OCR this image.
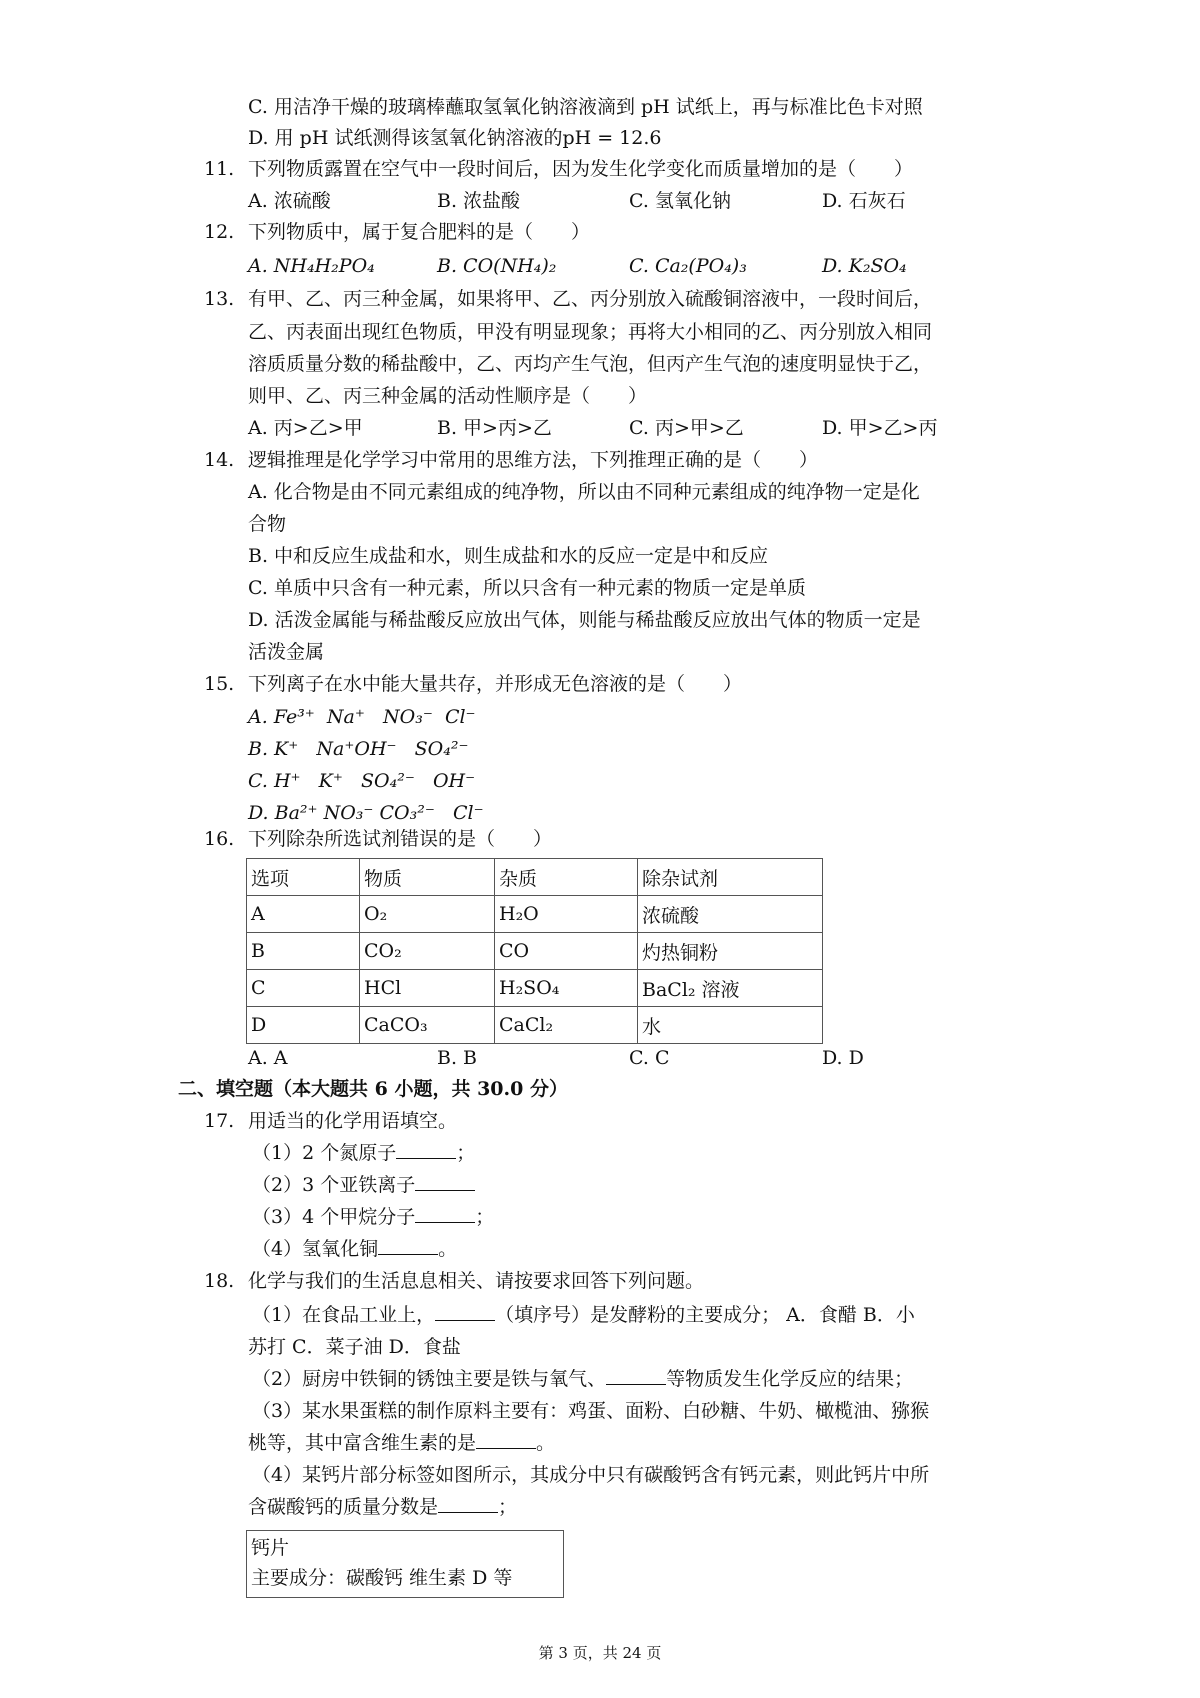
C. 用洁净干燥的玻璃棒蘸取氢氧化钠溶液滴到 pH 试纸上，再与标准比色卡对照
D. 用 pH 试纸测得该氢氧化钠溶液的pH = 12.6
11. 下列物质露置在空气中一段时间后，因为发生化学变化而质量增加的是（　　）
A. 浓硫酸	B. 浓盐酸	C. 氢氧化钠	D. 石灰石
12. 下列物质中，属于复合肥料的是（　　）
A. NH₄H₂PO₄	B. CO(NH₄)₂	C. Ca₂(PO₄)₃	D. K₂SO₄
13. 有甲、乙、丙三种金属，如果将甲、乙、丙分别放入硫酸铜溶液中，一段时间后，
乙、丙表面出现红色物质，甲没有明显现象；再将大小相同的乙、丙分别放入相同
溶质质量分数的稀盐酸中，乙、丙均产生气泡，但丙产生气泡的速度明显快于乙，
则甲、乙、丙三种金属的活动性顺序是（　　）
A. 丙>乙>甲	B. 甲>丙>乙	C. 丙>甲>乙	D. 甲>乙>丙
14. 逻辑推理是化学学习中常用的思维方法，下列推理正确的是（　　）
A. 化合物是由不同元素组成的纯净物，所以由不同种元素组成的纯净物一定是化
合物
B. 中和反应生成盐和水，则生成盐和水的反应一定是中和反应
C. 单质中只含有一种元素，所以只含有一种元素的物质一定是单质
D. 活泼金属能与稀盐酸反应放出气体，则能与稀盐酸反应放出气体的物质一定是
活泼金属
15. 下列离子在水中能大量共存，并形成无色溶液的是（　　）
A. Fe³⁺  Na⁺   NO₃⁻  Cl⁻
B. K⁺   Na⁺OH⁻   SO₄²⁻
C. H⁺   K⁺   SO₄²⁻   OH⁻
D. Ba²⁺ NO₃⁻ CO₃²⁻   Cl⁻
16. 下列除杂所选试剂错误的是（　　）
选项	物质	杂质	除杂试剂
A	O₂	H₂O	浓硫酸
B	CO₂	CO	灼热铜粉
C	HCl	H₂SO₄	BaCl₂ 溶液
D	CaCO₃	CaCl₂	水
A. A	B. B	C. C	D. D
二、填空题（本大题共 6 小题，共 30.0 分）
17. 用适当的化学用语填空。
（1）2 个氮原子	；
（2）3 个亚铁离子
（3）4 个甲烷分子	；
（4）氢氧化铜	。
18. 化学与我们的生活息息相关、请按要求回答下列问题。
（1）在食品工业上，	（填序号）是发酵粉的主要成分； A．食醋 B．小
苏打 C．菜子油 D．食盐
（2）厨房中铁铜的锈蚀主要是铁与氧气、	等物质发生化学反应的结果；
（3）某水果蛋糕的制作原料主要有：鸡蛋、面粉、白砂糖、牛奶、橄榄油、猕猴
桃等，其中富含维生素的是	。
（4）某钙片部分标签如图所示，其成分中只有碳酸钙含有钙元素，则此钙片中所
含碳酸钙的质量分数是	；
钙片
主要成分：碳酸钙 维生素 D 等
第 3 页，共 24 页
